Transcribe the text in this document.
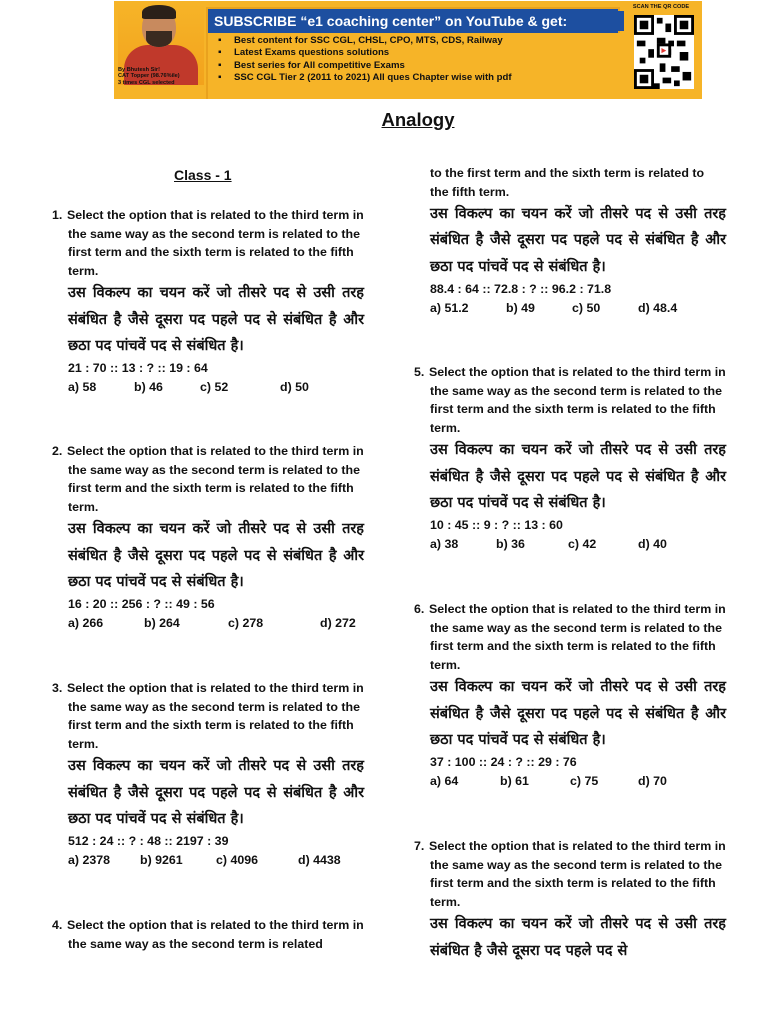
By Bhutesh Sir!
CAT Topper (98.76%ile)
3 times CGL selected
SUBSCRIBE “e1 coaching center” on YouTube & get:
▪ Best content for SSC CGL, CHSL, CPO, MTS, CDS, Railway
▪ Latest Exams questions solutions
▪ Best series for All competitive Exams
▪ SSC CGL Tier 2 (2011 to 2021) All ques Chapter wise with pdf
SCAN THE QR CODE
Analogy
Class - 1

1. Select the option that is related to the third term in the same way as the second term is related to the first term and the sixth term is related to the fifth term.

उस विकल्प का चयन करें जो तीसरे पद से उसी तरह संबंधित है जैसे दूसरा पद पहले पद से संबंधित है और छठा पद पांचवें पद से संबंधित है।

21 : 70 :: 13 : ? :: 19 : 64

a) 58	b) 46	c) 52	d) 50

2. Select the option that is related to the third term in the same way as the second term is related to the first term and the sixth term is related to the fifth term.

उस विकल्प का चयन करें जो तीसरे पद से उसी तरह संबंधित है जैसे दूसरा पद पहले पद से संबंधित है और छठा पद पांचवें पद से संबंधित है।

16 : 20 :: 256 : ? :: 49 : 56

a) 266	b) 264	c) 278	d) 272

3. Select the option that is related to the third term in the same way as the second term is related to the first term and the sixth term is related to the fifth term.

उस विकल्प का चयन करें जो तीसरे पद से उसी तरह संबंधित है जैसे दूसरा पद पहले पद से संबंधित है और छठा पद पांचवें पद से संबंधित है।

512 : 24 :: ? : 48 :: 2197 : 39

a) 2378	b) 9261	c) 4096	d) 4438

4. Select the option that is related to the third term in the same way as the second term is related

to the first term and the sixth term is related to the fifth term.

उस विकल्प का चयन करें जो तीसरे पद से उसी तरह संबंधित है जैसे दूसरा पद पहले पद से संबंधित है और छठा पद पांचवें पद से संबंधित है।

88.4 : 64 :: 72.8 : ? :: 96.2 : 71.8

a) 51.2	b) 49	c) 50	d) 48.4

5. Select the option that is related to the third term in the same way as the second term is related to the first term and the sixth term is related to the fifth term.

उस विकल्प का चयन करें जो तीसरे पद से उसी तरह संबंधित है जैसे दूसरा पद पहले पद से संबंधित है और छठा पद पांचवें पद से संबंधित है।

10 : 45 :: 9 : ? :: 13 : 60

a) 38	b) 36	c) 42	d) 40

6. Select the option that is related to the third term in the same way as the second term is related to the first term and the sixth term is related to the fifth term.

उस विकल्प का चयन करें जो तीसरे पद से उसी तरह संबंधित है जैसे दूसरा पद पहले पद से संबंधित है और छठा पद पांचवें पद से संबंधित है।

37 : 100 :: 24 : ? :: 29 : 76

a) 64	b) 61	c) 75	d) 70

7. Select the option that is related to the third term in the same way as the second term is related to the first term and the sixth term is related to the fifth term.

उस विकल्प का चयन करें जो तीसरे पद से उसी तरह संबंधित है जैसे दूसरा पद पहले पद से
